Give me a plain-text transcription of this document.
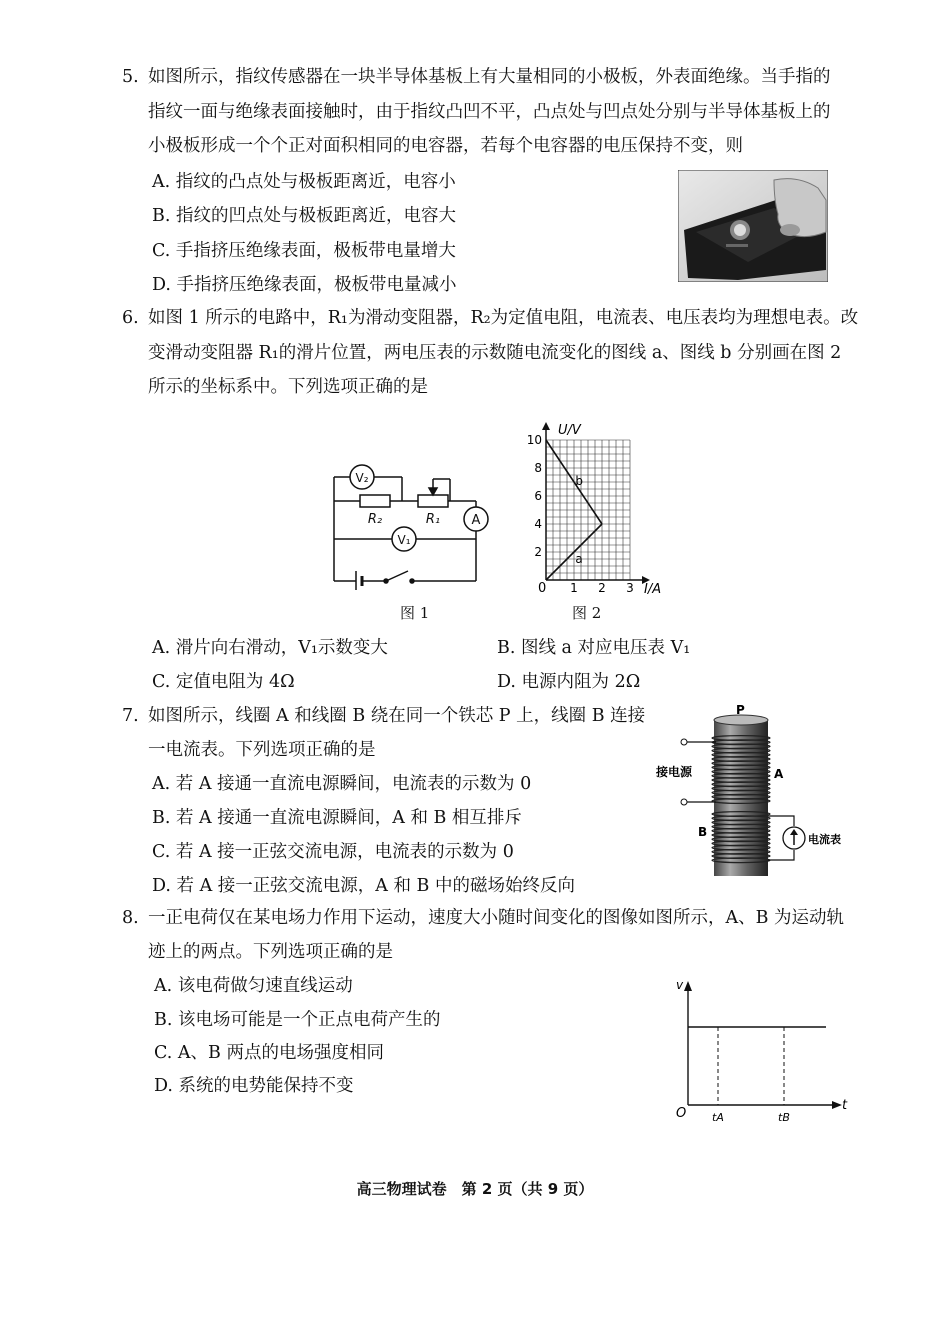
5. 如图所示，指纹传感器在一块半导体基板上有大量相同的小极板，外表面绝缘。当手指的
指纹一面与绝缘表面接触时，由于指纹凸凹不平，凸点处与凹点处分别与半导体基板上的
小极板形成一个个正对面积相同的电容器，若每个电容器的电压保持不变，则
A. 指纹的凸点处与极板距离近，电容小
B. 指纹的凹点处与极板距离近，电容大
C. 手指挤压绝缘表面，极板带电量增大
D. 手指挤压绝缘表面，极板带电量减小
6. 如图 1 所示的电路中，R₁为滑动变阻器，R₂为定值电阻，电流表、电压表均为理想电表。改
变滑动变阻器 R₁的滑片位置，两电压表的示数随电流变化的图线 a、图线 b 分别画在图 2
所示的坐标系中。下列选项正确的是
V₂
V₁
A
R₂	R₁
图 1
a
b
1 2 3
2
4
6
8
10
U/V
I/A
0
图 2
A. 滑片向右滑动，V₁示数变大	B. 图线 a 对应电压表 V₁
C. 定值电阻为 4Ω	D. 电源内阻为 2Ω
7. 如图所示，线圈 A 和线圈 B 绕在同一个铁芯 P 上，线圈 B 连接
一电流表。下列选项正确的是
A. 若 A 接通一直流电源瞬间，电流表的示数为 0
B. 若 A 接通一直流电源瞬间，A 和 B 相互排斥
C. 若 A 接一正弦交流电源，电流表的示数为 0
D. 若 A 接一正弦交流电源，A 和 B 中的磁场始终反向
P
接电源	A
B
电流表
8. 一正电荷仅在某电场力作用下运动，速度大小随时间变化的图像如图所示，A、B 为运动轨
迹上的两点。下列选项正确的是
A. 该电荷做匀速直线运动
B. 该电场可能是一个正点电荷产生的
C. A、B 两点的电场强度相同
D. 系统的电势能保持不变
v
t
O tA	tB
高三物理试卷　第 2 页（共 9 页）
